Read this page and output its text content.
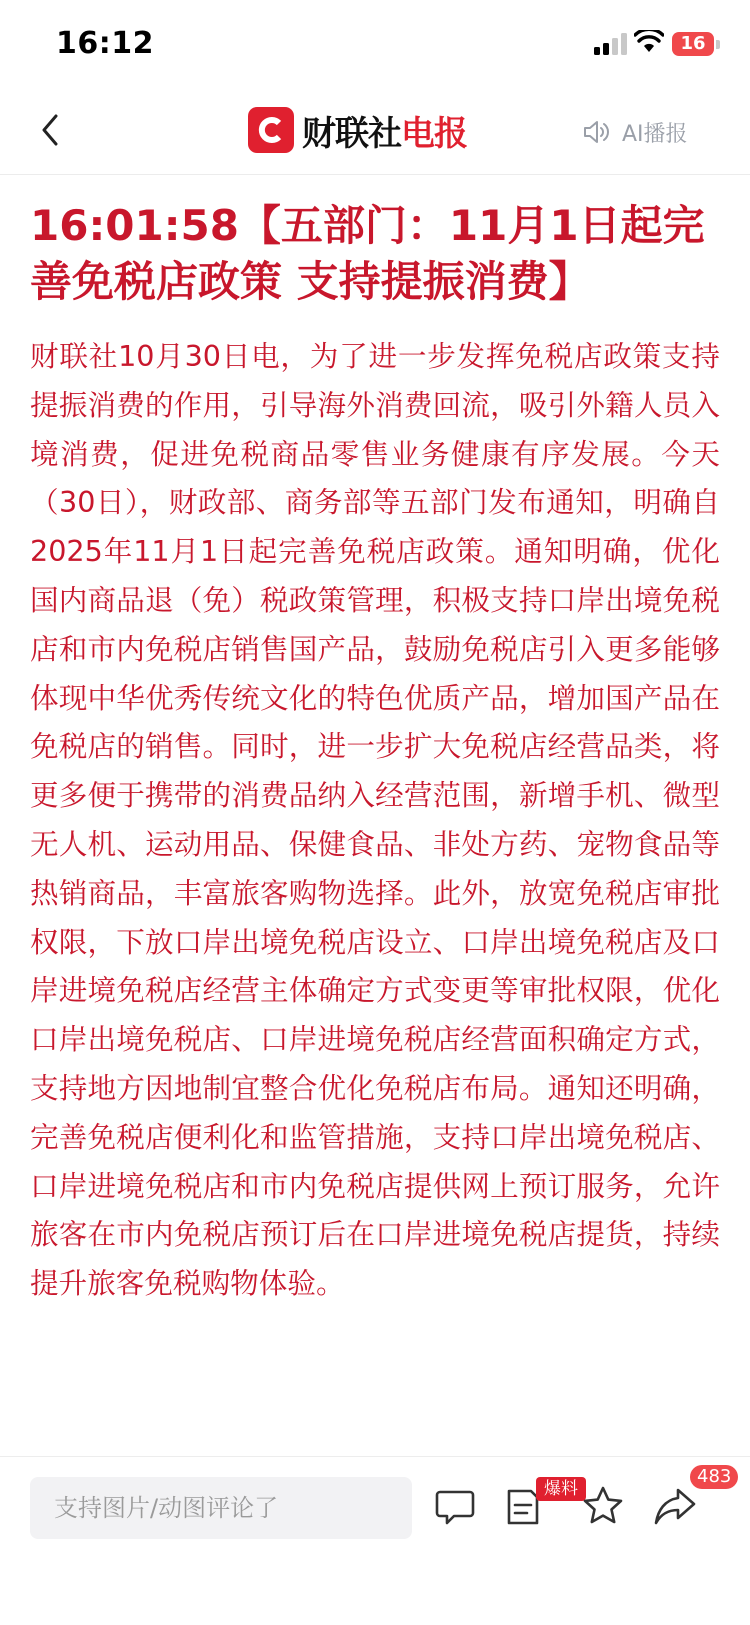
16:12	16
财联社 电报	AI播报
16:01:58【五部门：11月1日起完善免税店政策 支持提振消费】

财联社10月30日电，为了进一步发挥免税店政策支持提振消费的作用，引导海外消费回流，吸引外籍人员入境消费，促进免税商品零售业务健康有序发展。今天（30日），财政部、商务部等五部门发布通知，明确自2025年11月1日起完善免税店政策。通知明确，优化国内商品退（免）税政策管理，积极支持口岸出境免税店和市内免税店销售国产品，鼓励免税店引入更多能够体现中华优秀传统文化的特色优质产品，增加国产品在免税店的销售。同时，进一步扩大免税店经营品类，将更多便于携带的消费品纳入经营范围，新增手机、微型无人机、运动用品、保健食品、非处方药、宠物食品等热销商品，丰富旅客购物选择。此外，放宽免税店审批权限，下放口岸出境免税店设立、口岸出境免税店及口岸进境免税店经营主体确定方式变更等审批权限，优化口岸出境免税店、口岸进境免税店经营面积确定方式，支持地方因地制宜整合优化免税店布局。通知还明确，完善免税店便利化和监管措施，支持口岸出境免税店、口岸进境免税店和市内免税店提供网上预订服务，允许旅客在市内免税店预订后在口岸进境免税店提货，持续提升旅客免税购物体验。

支持图片/动图评论了
爆料
483
